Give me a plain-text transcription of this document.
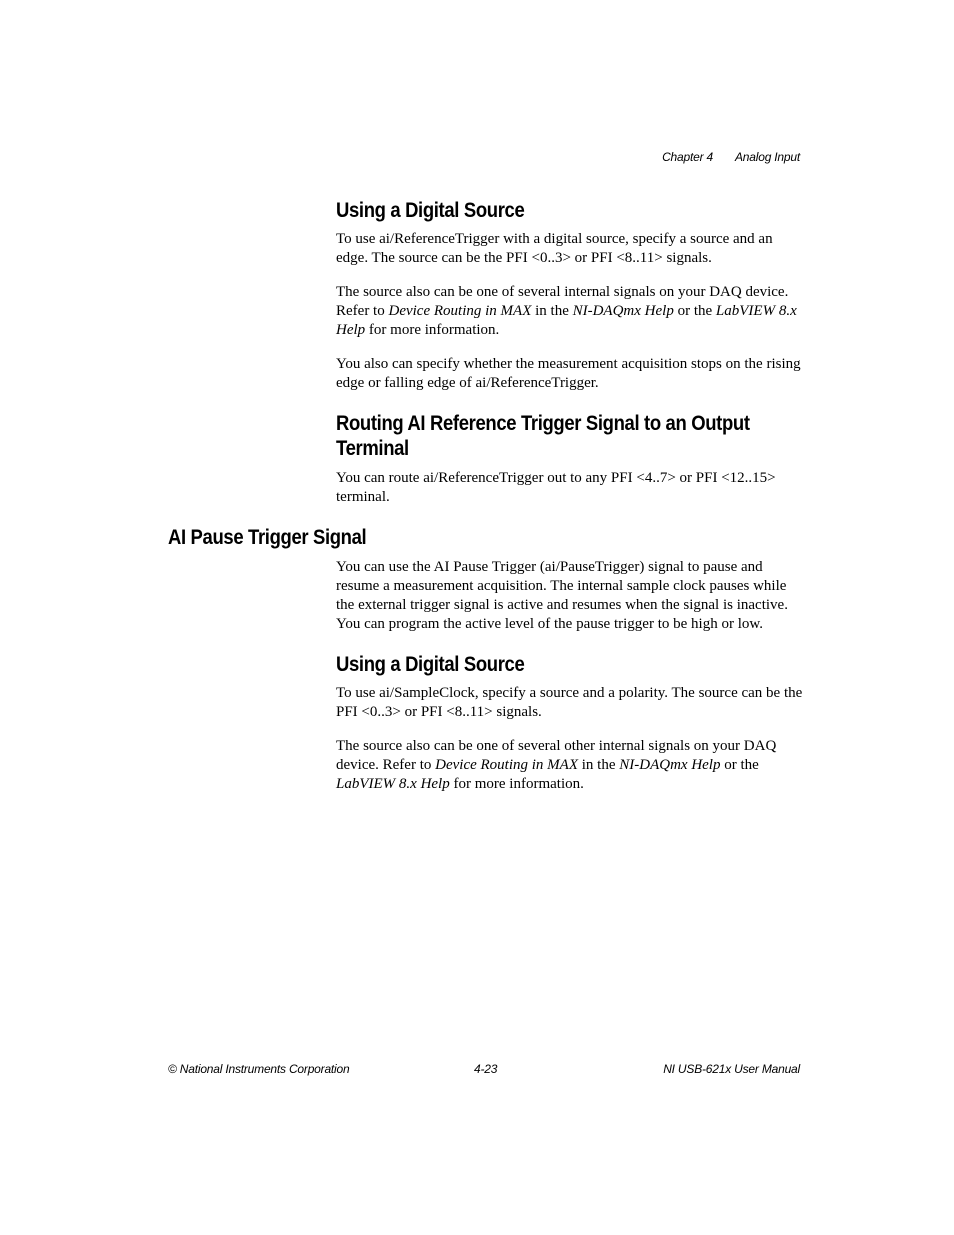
Chapter 4 Analog Input
Using a Digital Source

To use ai/ReferenceTrigger with a digital source, specify a source and an edge. The source can be the PFI <0..3> or PFI <8..11> signals.

The source also can be one of several internal signals on your DAQ device. Refer to Device Routing in MAX in the NI-DAQmx Help or the LabVIEW 8.x Help for more information.

You also can specify whether the measurement acquisition stops on the rising edge or falling edge of ai/ReferenceTrigger.

Routing AI Reference Trigger Signal to an Output
Terminal

You can route ai/ReferenceTrigger out to any PFI <4..7> or PFI <12..15> terminal.

AI Pause Trigger Signal

You can use the AI Pause Trigger (ai/PauseTrigger) signal to pause and resume a measurement acquisition. The internal sample clock pauses while the external trigger signal is active and resumes when the signal is inactive. You can program the active level of the pause trigger to be high or low.

Using a Digital Source

To use ai/SampleClock, specify a source and a polarity. The source can be the PFI <0..3> or PFI <8..11> signals.

The source also can be one of several other internal signals on your DAQ device. Refer to Device Routing in MAX in the NI-DAQmx Help or the LabVIEW 8.x Help for more information.

© National Instruments Corporation	4-23	NI USB-621x User Manual
